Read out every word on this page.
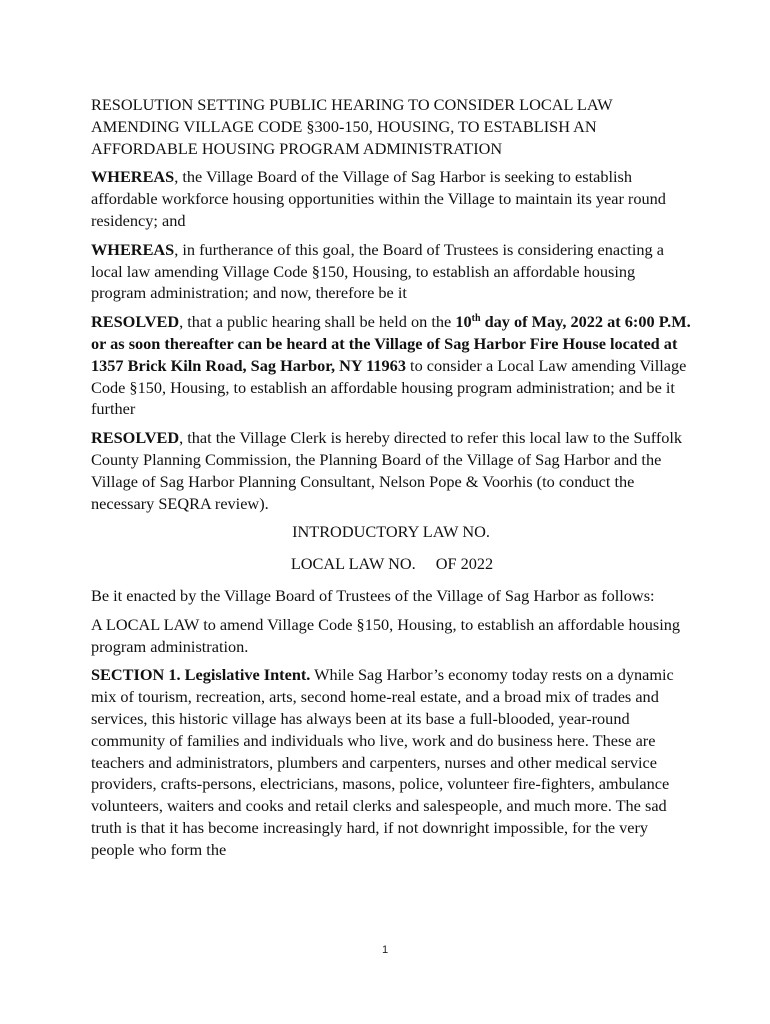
RESOLUTION SETTING PUBLIC HEARING TO CONSIDER LOCAL LAW AMENDING VILLAGE CODE §300-150, HOUSING, TO ESTABLISH AN AFFORDABLE HOUSING PROGRAM ADMINISTRATION

WHEREAS, the Village Board of the Village of Sag Harbor is seeking to establish affordable workforce housing opportunities within the Village to maintain its year round residency; and

WHEREAS, in furtherance of this goal, the Board of Trustees is considering enacting a local law amending Village Code §150, Housing, to establish an affordable housing program administration; and now, therefore be it

RESOLVED, that a public hearing shall be held on the 10th day of May, 2022 at 6:00 P.M. or as soon thereafter can be heard at the Village of Sag Harbor Fire House located at 1357 Brick Kiln Road, Sag Harbor, NY 11963 to consider a Local Law amending Village Code §150, Housing, to establish an affordable housing program administration; and be it further

RESOLVED, that the Village Clerk is hereby directed to refer this local law to the Suffolk County Planning Commission, the Planning Board of the Village of Sag Harbor and the Village of Sag Harbor Planning Consultant, Nelson Pope & Voorhis (to conduct the necessary SEQRA review).

INTRODUCTORY LAW NO.

LOCAL LAW NO. OF 2022

Be it enacted by the Village Board of Trustees of the Village of Sag Harbor as follows:

A LOCAL LAW to amend Village Code §150, Housing, to establish an affordable housing program administration.

SECTION 1. Legislative Intent. While Sag Harbor’s economy today rests on a dynamic mix of tourism, recreation, arts, second home-real estate, and a broad mix of trades and services, this historic village has always been at its base a full-blooded, year-round community of families and individuals who live, work and do business here. These are teachers and administrators, plumbers and carpenters, nurses and other medical service providers, crafts-persons, electricians, masons, police, volunteer fire-fighters, ambulance volunteers, waiters and cooks and retail clerks and salespeople, and much more. The sad truth is that it has become increasingly hard, if not downright impossible, for the very people who form the

1
